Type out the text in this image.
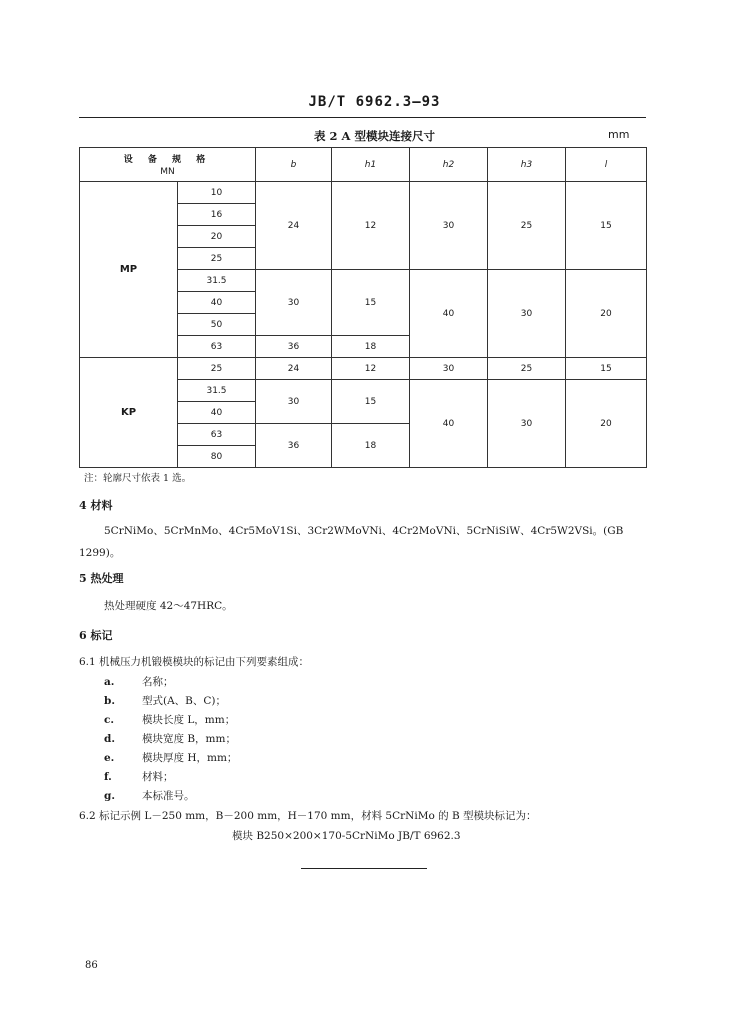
JB/T 6962.3—93
表 2 A 型模块连接尺寸	mm
设 备 规 格
MN		b	h1	h2	h3	l
MP	10	24	12	30	25	15
	16					
	20					
	25					
	31.5	30	15	40	30	20
	40					
	50					
	63	36	18			
KP	25	24	12	30	25	15
	31.5	30	15	40	30	20
	40					
	63	36	18			
	80					
注：轮廓尺寸依表 1 选。
4 材料
5CrNiMo、5CrMnMo、4Cr5MoV1Si、3Cr2WMoVNi、4Cr2MoVNi、5CrNiSiW、4Cr5W2VSi。(GB 1299)。
5 热处理
热处理硬度 42～47HRC。
6 标记
6.1 机械压力机锻模模块的标记由下列要素组成：
a.	名称；
b.	型式(A、B、C)；
c.	模块长度 L，mm；
d.	模块宽度 B，mm；
e.	模块厚度 H，mm；
f.	材料；
g.	本标准号。
6.2 标记示例 L－250 mm，B－200 mm，H－170 mm，材料 5CrNiMo 的 B 型模块标记为：
模块 B250×200×170-5CrNiMo JB/T 6962.3
86
